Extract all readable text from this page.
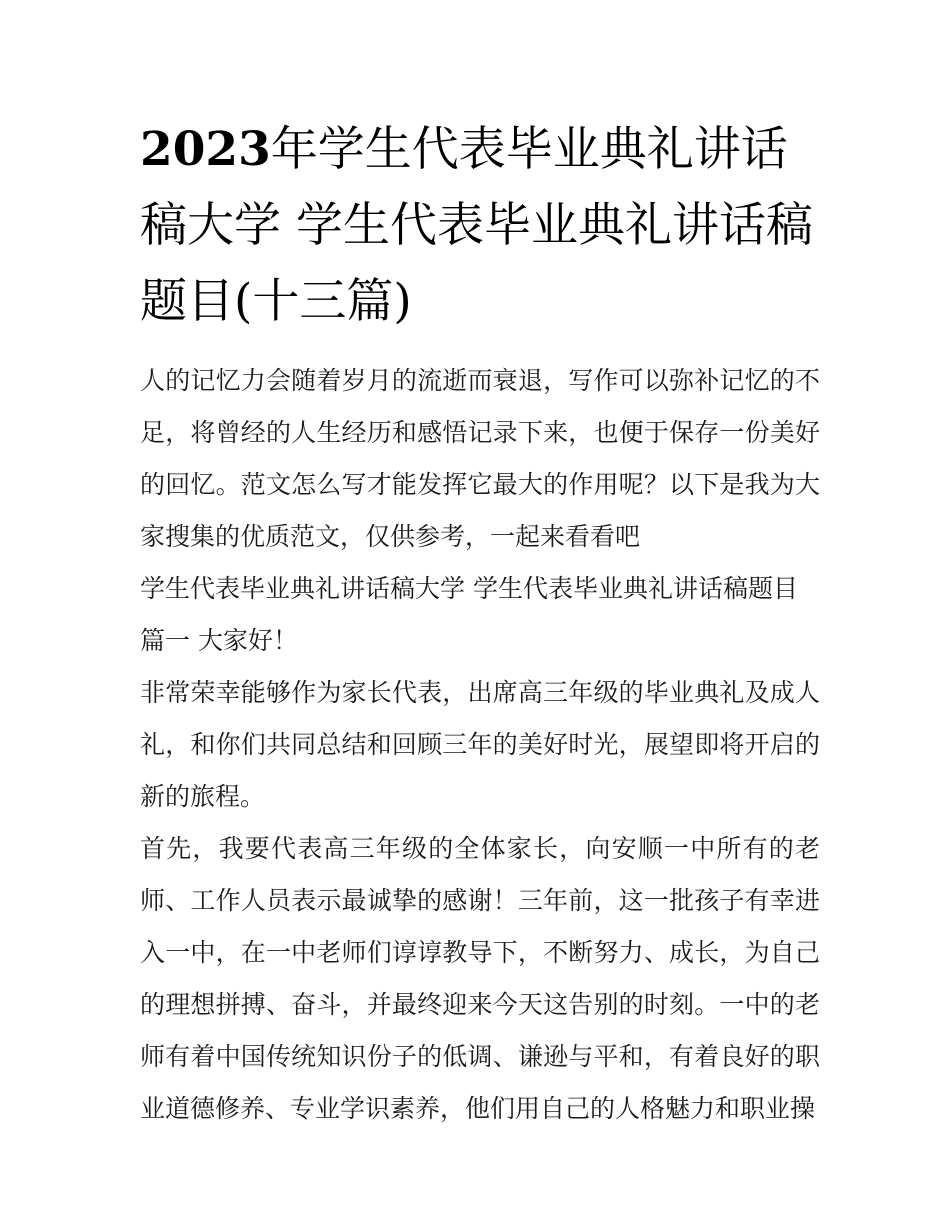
2023年学生代表毕业典礼讲话稿大学 学生代表毕业典礼讲话稿题目(十三篇)

人的记忆力会随着岁月的流逝而衰退，写作可以弥补记忆的不足，将曾经的人生经历和感悟记录下来，也便于保存一份美好的回忆。范文怎么写才能发挥它最大的作用呢？以下是我为大家搜集的优质范文，仅供参考，一起来看看吧

学生代表毕业典礼讲话稿大学 学生代表毕业典礼讲话稿题目

篇一 大家好！

非常荣幸能够作为家长代表，出席高三年级的毕业典礼及成人礼，和你们共同总结和回顾三年的美好时光，展望即将开启的新的旅程。

首先，我要代表高三年级的全体家长，向安顺一中所有的老师、工作人员表示最诚挚的感谢！三年前，这一批孩子有幸进入一中，在一中老师们谆谆教导下，不断努力、成长，为自己的理想拼搏、奋斗，并最终迎来今天这告别的时刻。一中的老师有着中国传统知识份子的低调、谦逊与平和，有着良好的职业道德修养、专业学识素养，他们用自己的人格魅力和职业操
